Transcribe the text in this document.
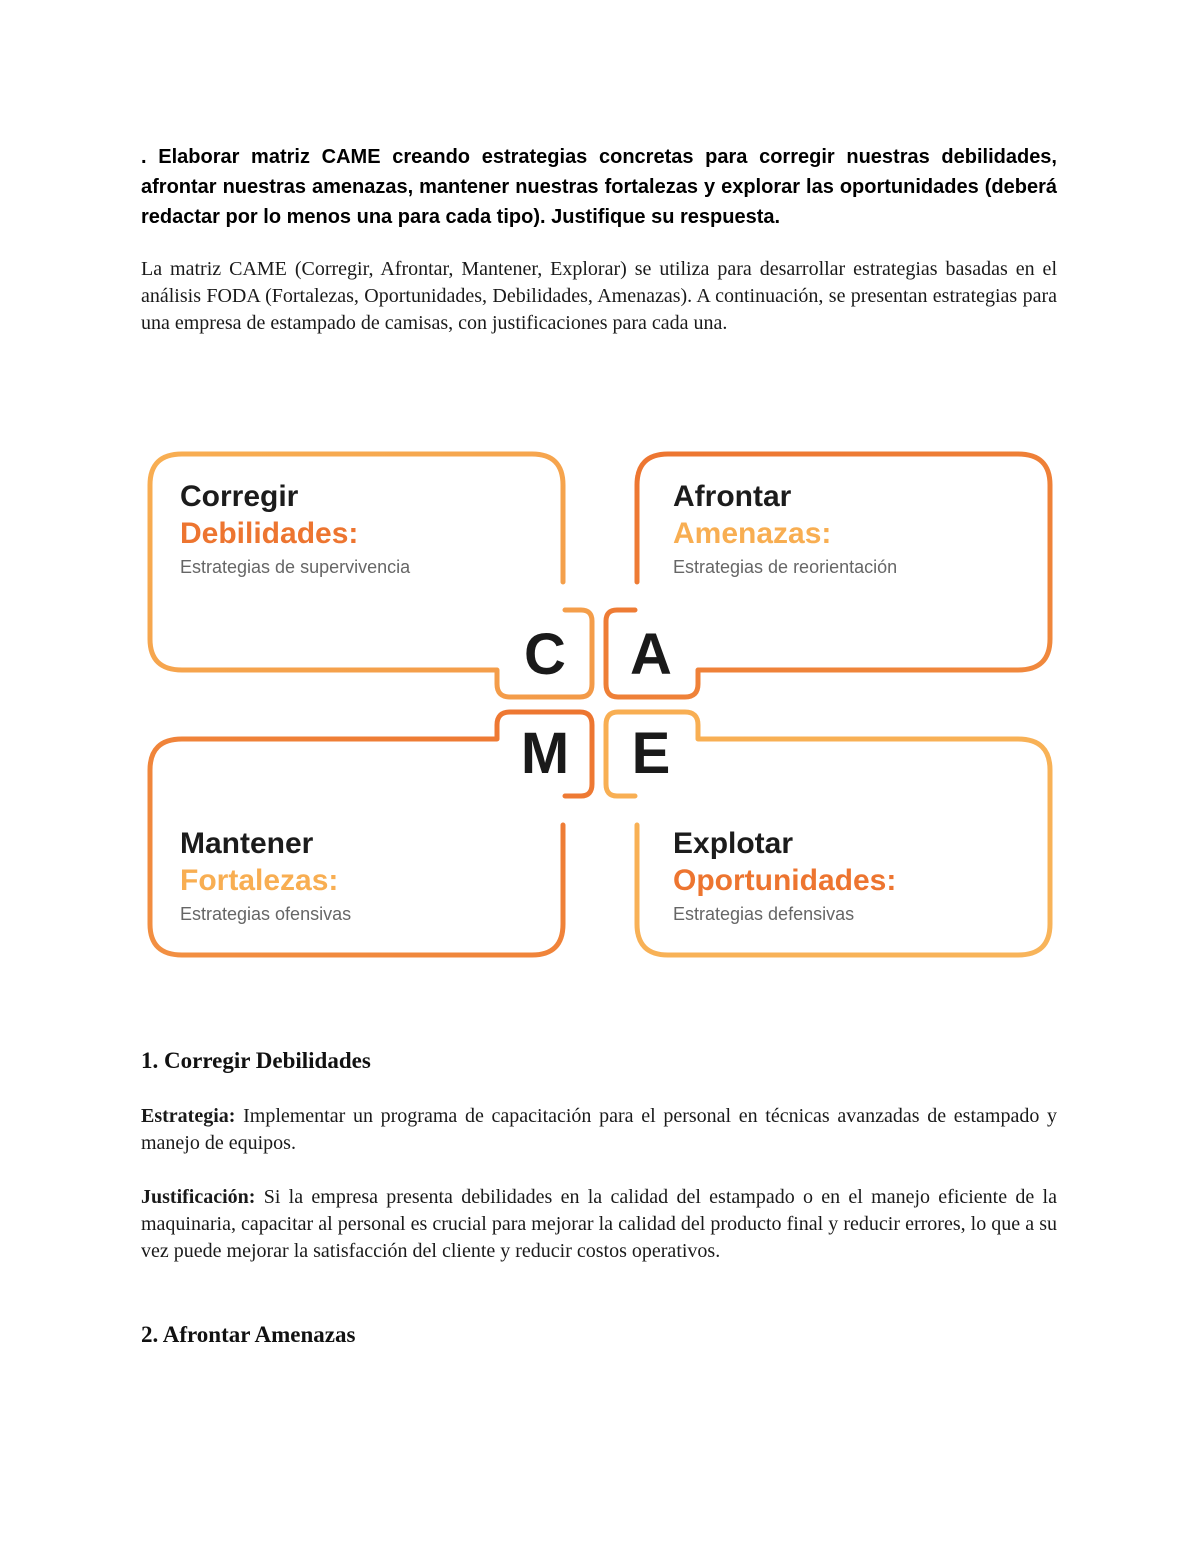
. Elaborar matriz CAME creando estrategias concretas para corregir nuestras debilidades, afrontar nuestras amenazas, mantener nuestras fortalezas y explorar las oportunidades (deberá redactar por lo menos una para cada tipo). Justifique su respuesta.
La matriz CAME (Corregir, Afrontar, Mantener, Explorar) se utiliza para desarrollar estrategias basadas en el análisis FODA (Fortalezas, Oportunidades, Debilidades, Amenazas). A continuación, se presentan estrategias para una empresa de estampado de camisas, con justificaciones para cada una.
Corregir
Debilidades:
Estrategias de supervivencia
Afrontar
Amenazas:
Estrategias de reorientación
Mantener
Fortalezas:
Estrategias ofensivas
Explotar
Oportunidades:
Estrategias defensivas
C A
M E
1. Corregir Debilidades
Estrategia: Implementar un programa de capacitación para el personal en técnicas avanzadas de estampado y manejo de equipos.
Justificación: Si la empresa presenta debilidades en la calidad del estampado o en el manejo eficiente de la maquinaria, capacitar al personal es crucial para mejorar la calidad del producto final y reducir errores, lo que a su vez puede mejorar la satisfacción del cliente y reducir costos operativos.
2. Afrontar Amenazas
